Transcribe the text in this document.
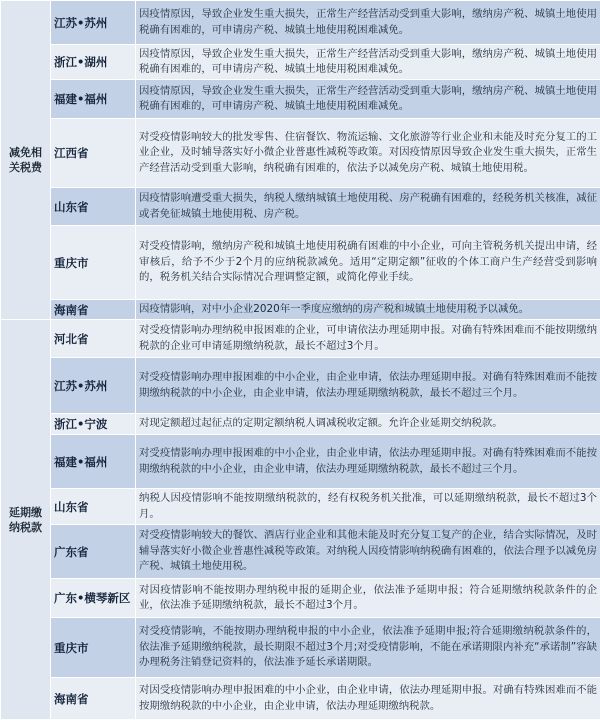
减免相关税费	江苏•苏州	因疫情原因，导致企业发生重大损失，正常生产经营活动受到重大影响，缴纳房产税、城镇土地使用税确有困难的，可申请房产税、城镇土地使用税困难减免。
	浙江•湖州	因疫情原因，导致企业发生重大损失，正常生产经营活动受到重大影响，缴纳房产税、城镇土地使用税确有困难的，可申请房产税、城镇土地使用税困难减免。
	福建•福州	因疫情原因，导致企业发生重大损失，正常生产经营活动受到重大影响，缴纳房产税、城镇土地使用税确有困难的，可申请房产税、城镇土地使用税困难减免。
	江西省	对受疫情影响较大的批发零售、住宿餐饮、物流运输、文化旅游等行业企业和未能及时充分复工的工业企业，及时辅导落实好小微企业普惠性减税等政策。对因疫情原因导致企业发生重大损失，正常生产经营活动受到重大影响，纳税确有困难的，依法予以减免房产税、城镇土地使用税。
	山东省	因疫情影响遭受重大损失，纳税人缴纳城镇土地使用税、房产税确有困难的，经税务机关核准，减征或者免征城镇土地使用税、房产税。
	重庆市	对受疫情影响，缴纳房产税和城镇土地使用税确有困难的中小企业，可向主管税务机关提出申请，经审核后，给予不少于2个月的应纳税款减免。适用“定期定额”征收的个体工商户生产经营受到影响的，税务机关结合实际情况合理调整定额，或简化停业手续。
	海南省	因疫情影响，对中小企业2020年一季度应缴纳的房产税和城镇土地使用税予以减免。
延期缴纳税款	河北省	对受疫情影响办理纳税申报困难的企业，可申请依法办理延期申报。对确有特殊困难而不能按期缴纳税款的企业可申请延期缴纳税款，最长不超过3个月。
	江苏•苏州	对受疫情影响办理申报困难的中小企业，由企业申请，依法办理延期申报。对确有特殊困难而不能按期缴纳税款的中小企业，由企业申请，依法办理延期缴纳税款，最长不超过三个月。
	浙江•宁波	对现定额超过起征点的定期定额纳税人调减税收定额。允许企业延期交纳税款。
	福建•福州	对受疫情影响办理申报困难的中小企业，由企业申请，依法办理延期申报。对确有特殊困难而不能按期缴纳税款的中小企业，由企业申请，依法办理延期缴纳税款，最长不超过三个月。
	山东省	纳税人因疫情影响不能按期缴纳税款的，经有权税务机关批准，可以延期缴纳税款，最长不超过3个月。
	广东省	对受疫情影响较大的餐饮、酒店行业企业和其他未能及时充分复工复产的企业，结合实际情况，及时辅导落实好小微企业普惠性减税等政策。对纳税人因疫情影响纳税确有困难的，依法合理予以减免房产税、城镇土地使用税。
	广东•横琴新区	对因疫情影响不能按期办理纳税申报的延期企业，依法准予延期申报；符合延期缴纳税款条件的企业，依法准予延期缴纳税款，最长不超过3个月。
	重庆市	对受疫情影响，不能按期办理纳税申报的中小企业，依法准予延期申报;符合延期缴纳税款条件的，依法准予延期缴纳税款，最长期限不超过3个月;对受疫情影响，不能在承诺期限内补充“承诺制”容缺办理税务注销登记资料的，依法准予延长承诺期限。
	海南省	对因受疫情影响办理申报困难的中小企业，由企业申请，依法办理延期申报。对确有特殊困难而不能按期缴纳税款的中小企业，由企业申请，依法办理延期缴纳税款。
